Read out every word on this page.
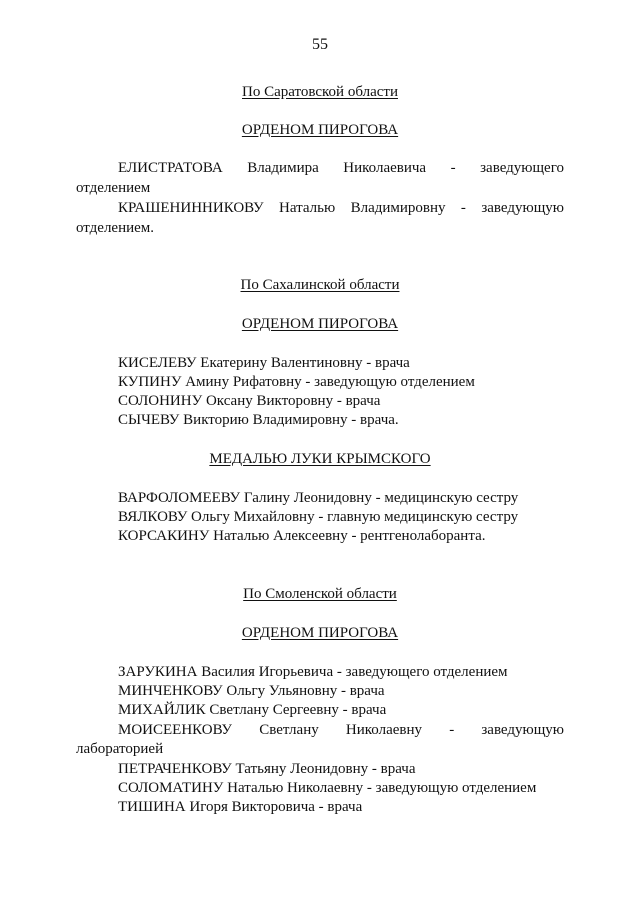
55
По Саратовской области
ОРДЕНОМ ПИРОГОВА
ЕЛИСТРАТОВА Владимира Николаевича - заведующего
отделением
КРАШЕНИННИКОВУ Наталью Владимировну - заведующую
отделением.
По Сахалинской области
ОРДЕНОМ ПИРОГОВА
КИСЕЛЕВУ Екатерину Валентиновну - врача
КУПИНУ Амину Рифатовну - заведующую отделением
СОЛОНИНУ Оксану Викторовну - врача
СЫЧЕВУ Викторию Владимировну - врача.
МЕДАЛЬЮ ЛУКИ КРЫМСКОГО
ВАРФОЛОМЕЕВУ Галину Леонидовну - медицинскую сестру
ВЯЛКОВУ Ольгу Михайловну - главную медицинскую сестру
КОРСАКИНУ Наталью Алексеевну - рентгенолаборанта.
По Смоленской области
ОРДЕНОМ ПИРОГОВА
ЗАРУКИНА Василия Игорьевича - заведующего отделением
МИНЧЕНКОВУ Ольгу Ульяновну - врача
МИХАЙЛИК Светлану Сергеевну - врача
МОИСЕЕНКОВУ Светлану Николаевну - заведующую
лабораторией
ПЕТРАЧЕНКОВУ Татьяну Леонидовну - врача
СОЛОМАТИНУ Наталью Николаевну - заведующую отделением
ТИШИНА Игоря Викторовича - врача
